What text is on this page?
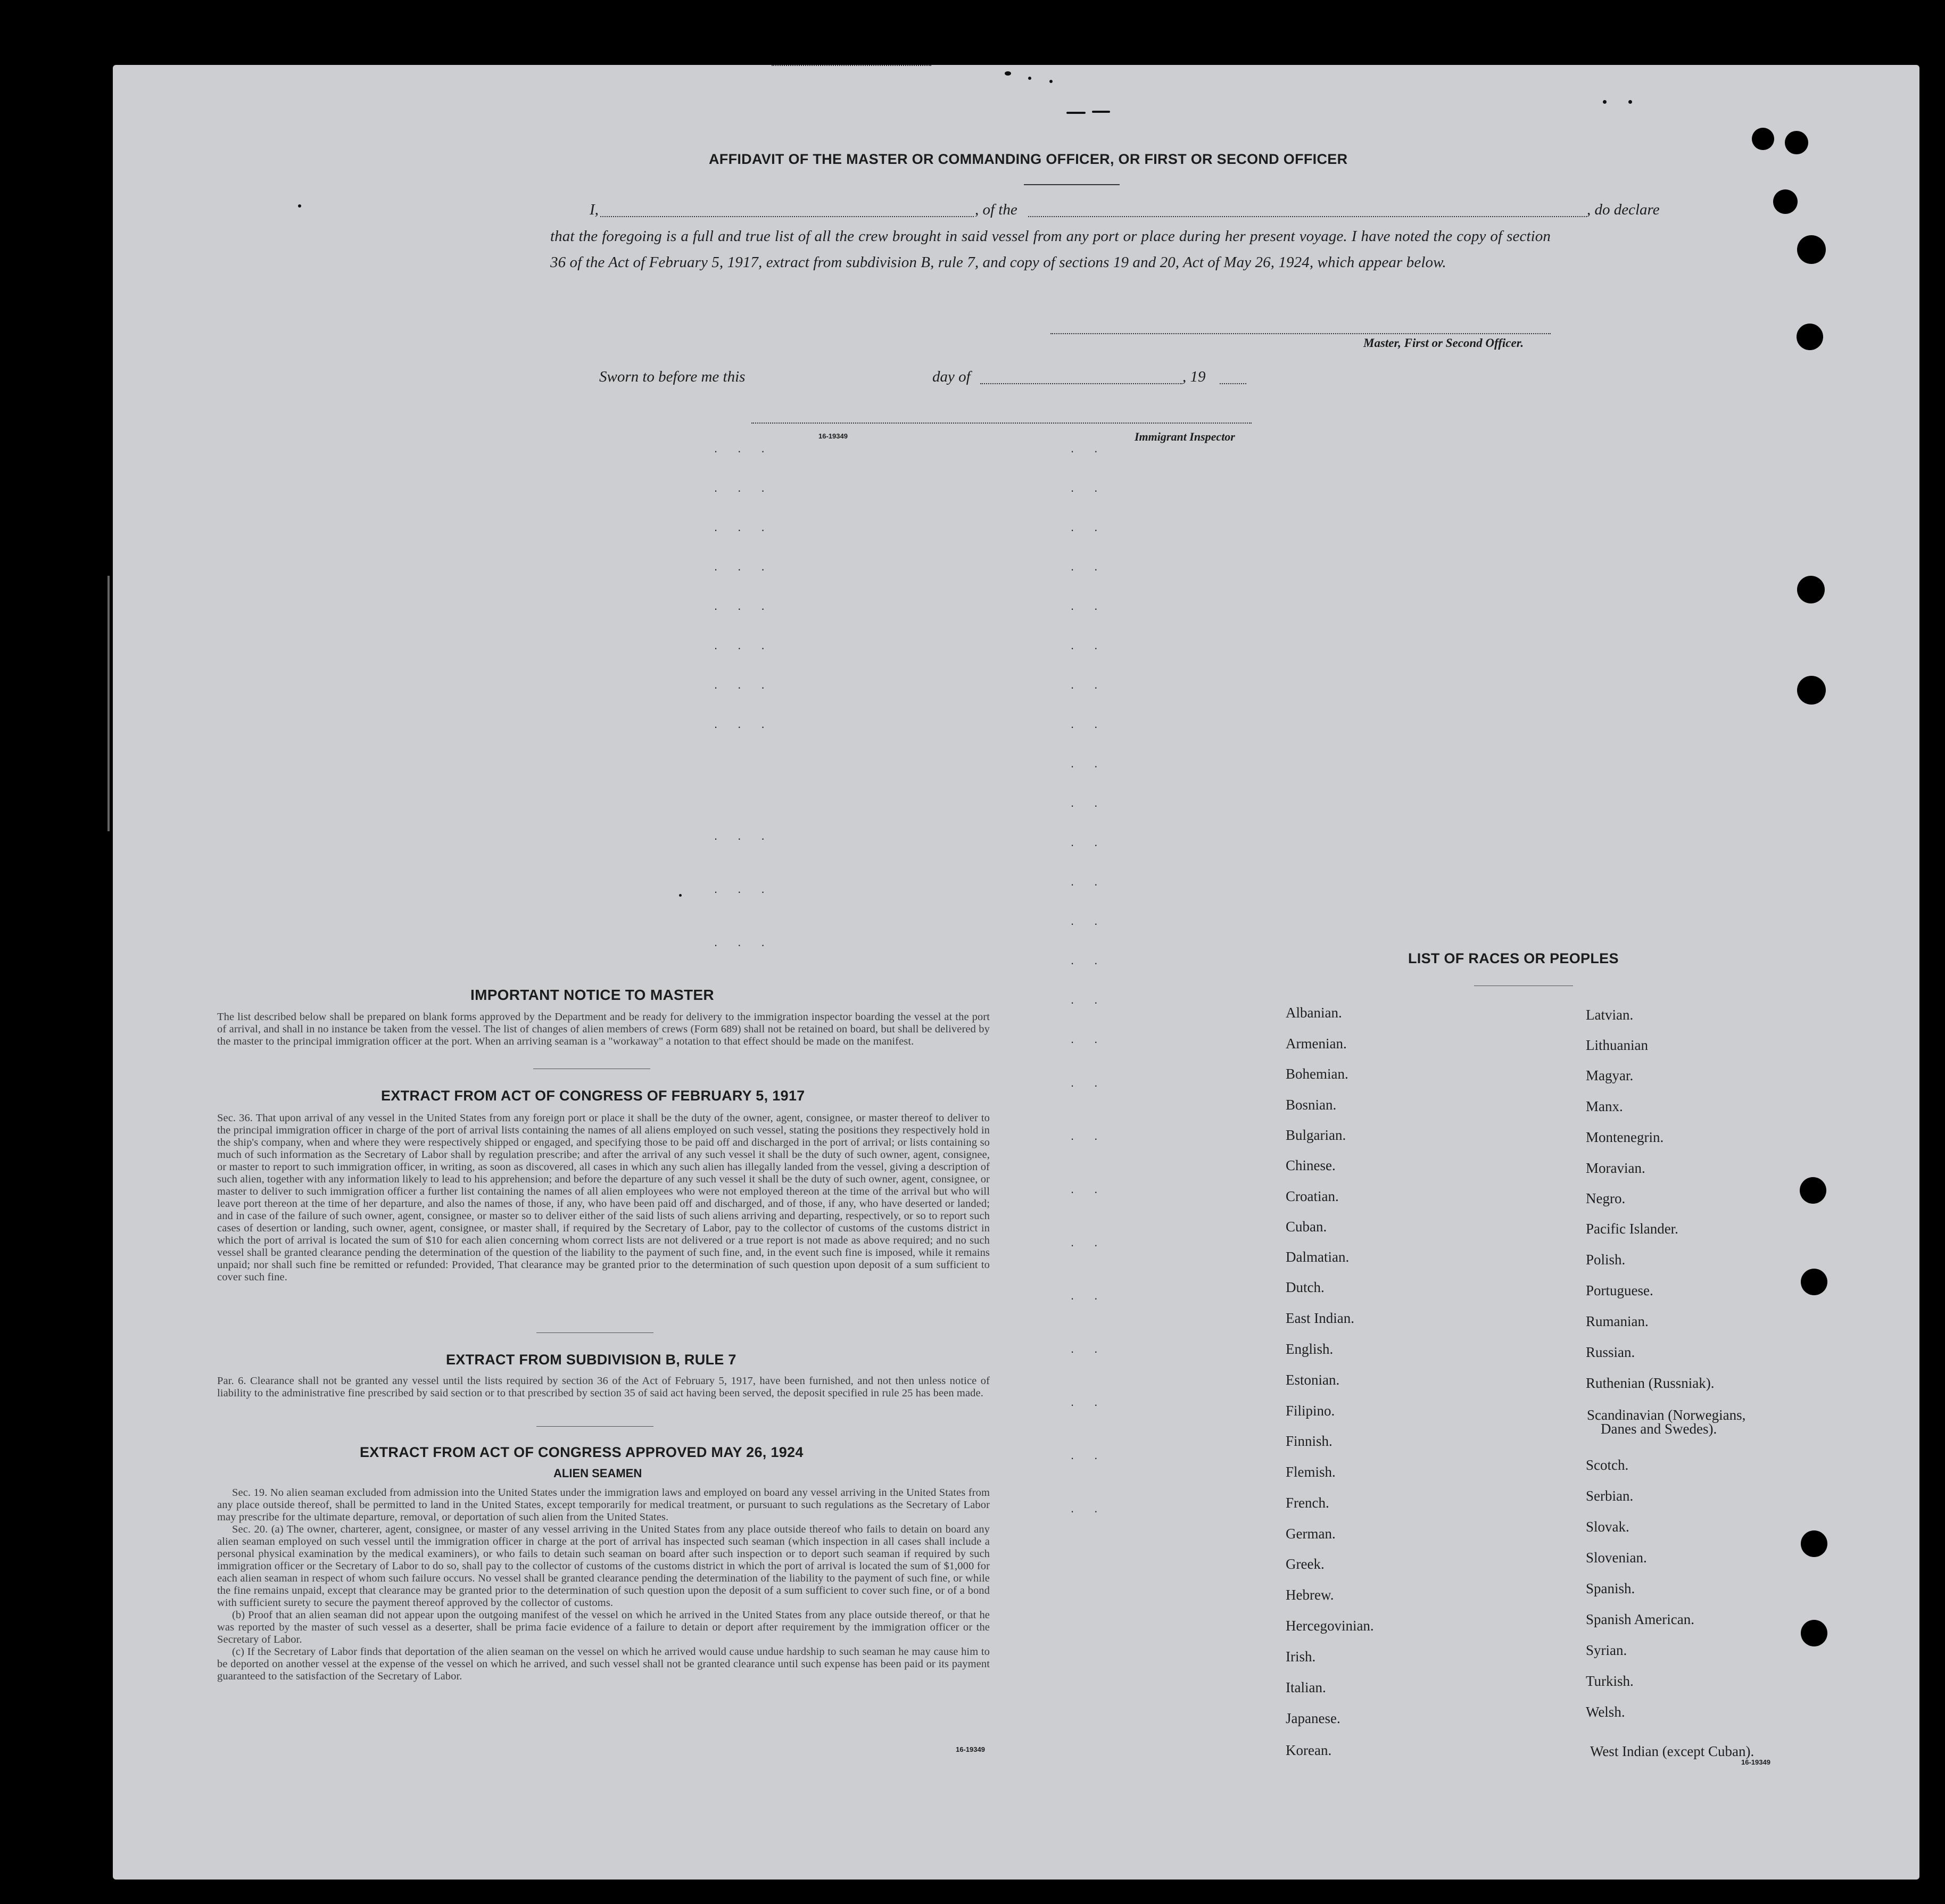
. . .
. . .
. . .
. . .
. . .
. . .
. . .
. . .
. . .
. . .
. . .
. .
. .
. .
. .
. .
. .
. .
. .
. .
. .
. .
. .
. .
. .
. .
. .
. .
. .
. .
. .
. .
. .
. .
. .
. .
AFFIDAVIT OF THE MASTER OR COMMANDING OFFICER, OR FIRST OR SECOND OFFICER
I,	, of the	, do declare
that the foregoing is a full and true list of all the crew brought in said vessel from any port or place during her present voyage. I have noted the copy of section 36 of the Act of February 5, 1917, extract from subdivision B, rule 7, and copy of sections 19 and 20, Act of May 26, 1924, which appear below.
Master, First or Second Officer.
Sworn to before me this	day of	, 19
16-19349	Immigrant Inspector
IMPORTANT NOTICE TO MASTER
The list described below shall be prepared on blank forms approved by the Department and be ready for delivery to the immigration inspector boarding the vessel at the port of arrival, and shall in no instance be taken from the vessel. The list of changes of alien members of crews (Form 689) shall not be retained on board, but shall be delivered by the master to the principal immigration officer at the port. When an arriving seaman is a "workaway" a notation to that effect should be made on the manifest.
EXTRACT FROM ACT OF CONGRESS OF FEBRUARY 5, 1917
Sec. 36. That upon arrival of any vessel in the United States from any foreign port or place it shall be the duty of the owner, agent, consignee, or master thereof to deliver to the principal immigration officer in charge of the port of arrival lists containing the names of all aliens employed on such vessel, stating the positions they respectively hold in the ship's company, when and where they were respectively shipped or engaged, and specifying those to be paid off and discharged in the port of arrival; or lists containing so much of such information as the Secretary of Labor shall by regulation prescribe; and after the arrival of any such vessel it shall be the duty of such owner, agent, consignee, or master to report to such immigration officer, in writing, as soon as discovered, all cases in which any such alien has illegally landed from the vessel, giving a description of such alien, together with any information likely to lead to his apprehension; and before the departure of any such vessel it shall be the duty of such owner, agent, consignee, or master to deliver to such immigration officer a further list containing the names of all alien employees who were not employed thereon at the time of the arrival but who will leave port thereon at the time of her departure, and also the names of those, if any, who have been paid off and discharged, and of those, if any, who have deserted or landed; and in case of the failure of such owner, agent, consignee, or master so to deliver either of the said lists of such aliens arriving and departing, respectively, or so to report such cases of desertion or landing, such owner, agent, consignee, or master shall, if required by the Secretary of Labor, pay to the collector of customs of the customs district in which the port of arrival is located the sum of $10 for each alien concerning whom correct lists are not delivered or a true report is not made as above required; and no such vessel shall be granted clearance pending the determination of the question of the liability to the payment of such fine, and, in the event such fine is imposed, while it remains unpaid; nor shall such fine be remitted or refunded: Provided, That clearance may be granted prior to the determination of such question upon deposit of a sum sufficient to cover such fine.
EXTRACT FROM SUBDIVISION B, RULE 7
Par. 6. Clearance shall not be granted any vessel until the lists required by section 36 of the Act of February 5, 1917, have been furnished, and not then unless notice of liability to the administrative fine prescribed by said section or to that prescribed by section 35 of said act having been served, the deposit specified in rule 25 has been made.
EXTRACT FROM ACT OF CONGRESS APPROVED MAY 26, 1924
ALIEN SEAMEN

Sec. 19. No alien seaman excluded from admission into the United States under the immigration laws and employed on board any vessel arriving in the United States from any place outside thereof, shall be permitted to land in the United States, except temporarily for medical treatment, or pursuant to such regulations as the Secretary of Labor may prescribe for the ultimate departure, removal, or deportation of such alien from the United States.

Sec. 20. (a) The owner, charterer, agent, consignee, or master of any vessel arriving in the United States from any place outside thereof who fails to detain on board any alien seaman employed on such vessel until the immigration officer in charge at the port of arrival has inspected such seaman (which inspection in all cases shall include a personal physical examination by the medical examiners), or who fails to detain such seaman on board after such inspection or to deport such seaman if required by such immigration officer or the Secretary of Labor to do so, shall pay to the collector of customs of the customs district in which the port of arrival is located the sum of $1,000 for each alien seaman in respect of whom such failure occurs. No vessel shall be granted clearance pending the determination of the liability to the payment of such fine, or while the fine remains unpaid, except that clearance may be granted prior to the determination of such question upon the deposit of a sum sufficient to cover such fine, or of a bond with sufficient surety to secure the payment thereof approved by the collector of customs.

(b) Proof that an alien seaman did not appear upon the outgoing manifest of the vessel on which he arrived in the United States from any place outside thereof, or that he was reported by the master of such vessel as a deserter, shall be prima facie evidence of a failure to detain or deport after requirement by the immigration officer or the Secretary of Labor.

(c) If the Secretary of Labor finds that deportation of the alien seaman on the vessel on which he arrived would cause undue hardship to such seaman he may cause him to be deported on another vessel at the expense of the vessel on which he arrived, and such vessel shall not be granted clearance until such expense has been paid or its payment guaranteed to the satisfaction of the Secretary of Labor.

16-19349
LIST OF RACES OR PEOPLES
16-19349
Albanian.
Armenian.
Bohemian.
Bosnian.
Bulgarian.
Chinese.
Croatian.
Cuban.
Dalmatian.
Dutch.
East Indian.
English.
Estonian.
Filipino.
Finnish.
Flemish.
French.
German.
Greek.
Hebrew.
Hercegovinian.
Irish.
Italian.
Japanese.
Korean.
Latvian.
Lithuanian
Magyar.
Manx.
Montenegrin.
Moravian.
Negro.
Pacific Islander.
Polish.
Portuguese.
Rumanian.
Russian.
Ruthenian (Russniak).
Scandinavian (Norwegians,
Danes and Swedes).
Scotch.
Serbian.
Slovak.
Slovenian.
Spanish.
Spanish American.
Syrian.
Turkish.
Welsh.
West Indian (except Cuban).
